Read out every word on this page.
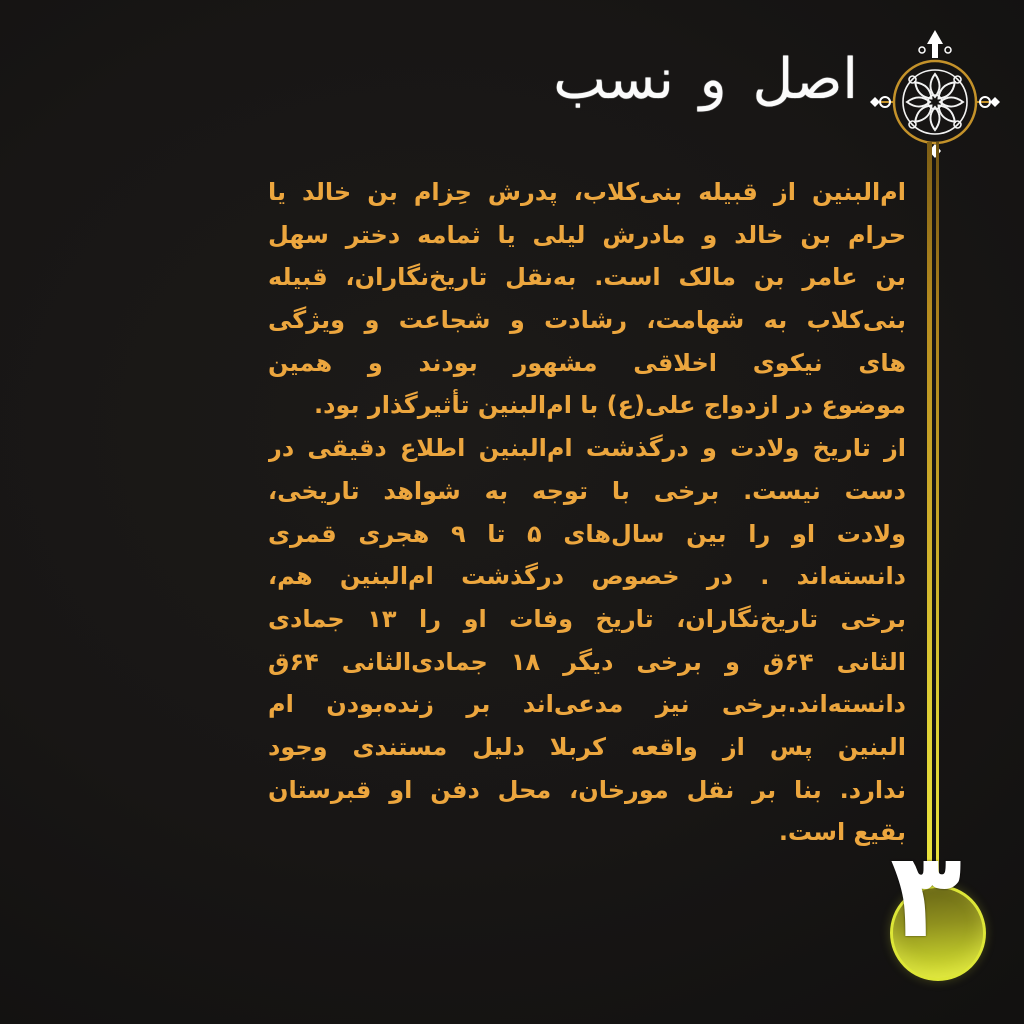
اصل و نسب
ام‌البنین از قبیله بنی‌کلاب، پدرش حِزام بن خالد یا
حرام بن خالد و مادرش لیلی یا ثمامه دختر سهل
بن عامر بن مالک است. به‌نقل تاریخ‌نگاران، قبیله
بنی‌کلاب به شهامت، رشادت و شجاعت و ویژگی
های نیکوی اخلاقی مشهور بودند و همین
موضوع در ازدواج علی(ع) با ام‌البنین تأثیرگذار بود.
از تاریخ ولادت و درگذشت ام‌البنین اطلاع دقیقی در
دست نیست. برخی با توجه به شواهد تاریخی،
ولادت او را بین سال‌های ۵ تا ۹ هجری قمری
دانسته‌اند . در خصوص درگذشت ام‌البنین هم،
برخی تاریخ‌نگاران، تاریخ وفات او را ۱۳ جمادی
الثانی ۶۴ق و برخی دیگر ۱۸ جمادی‌الثانی ۶۴ق
دانسته‌اند.برخی نیز مدعی‌اند بر زنده‌بودن ام
البنین پس از واقعه کربلا دلیل مستندی وجود
ندارد. بنا بر نقل مورخان، محل دفن او قبرستان
بقیع است.
۳
